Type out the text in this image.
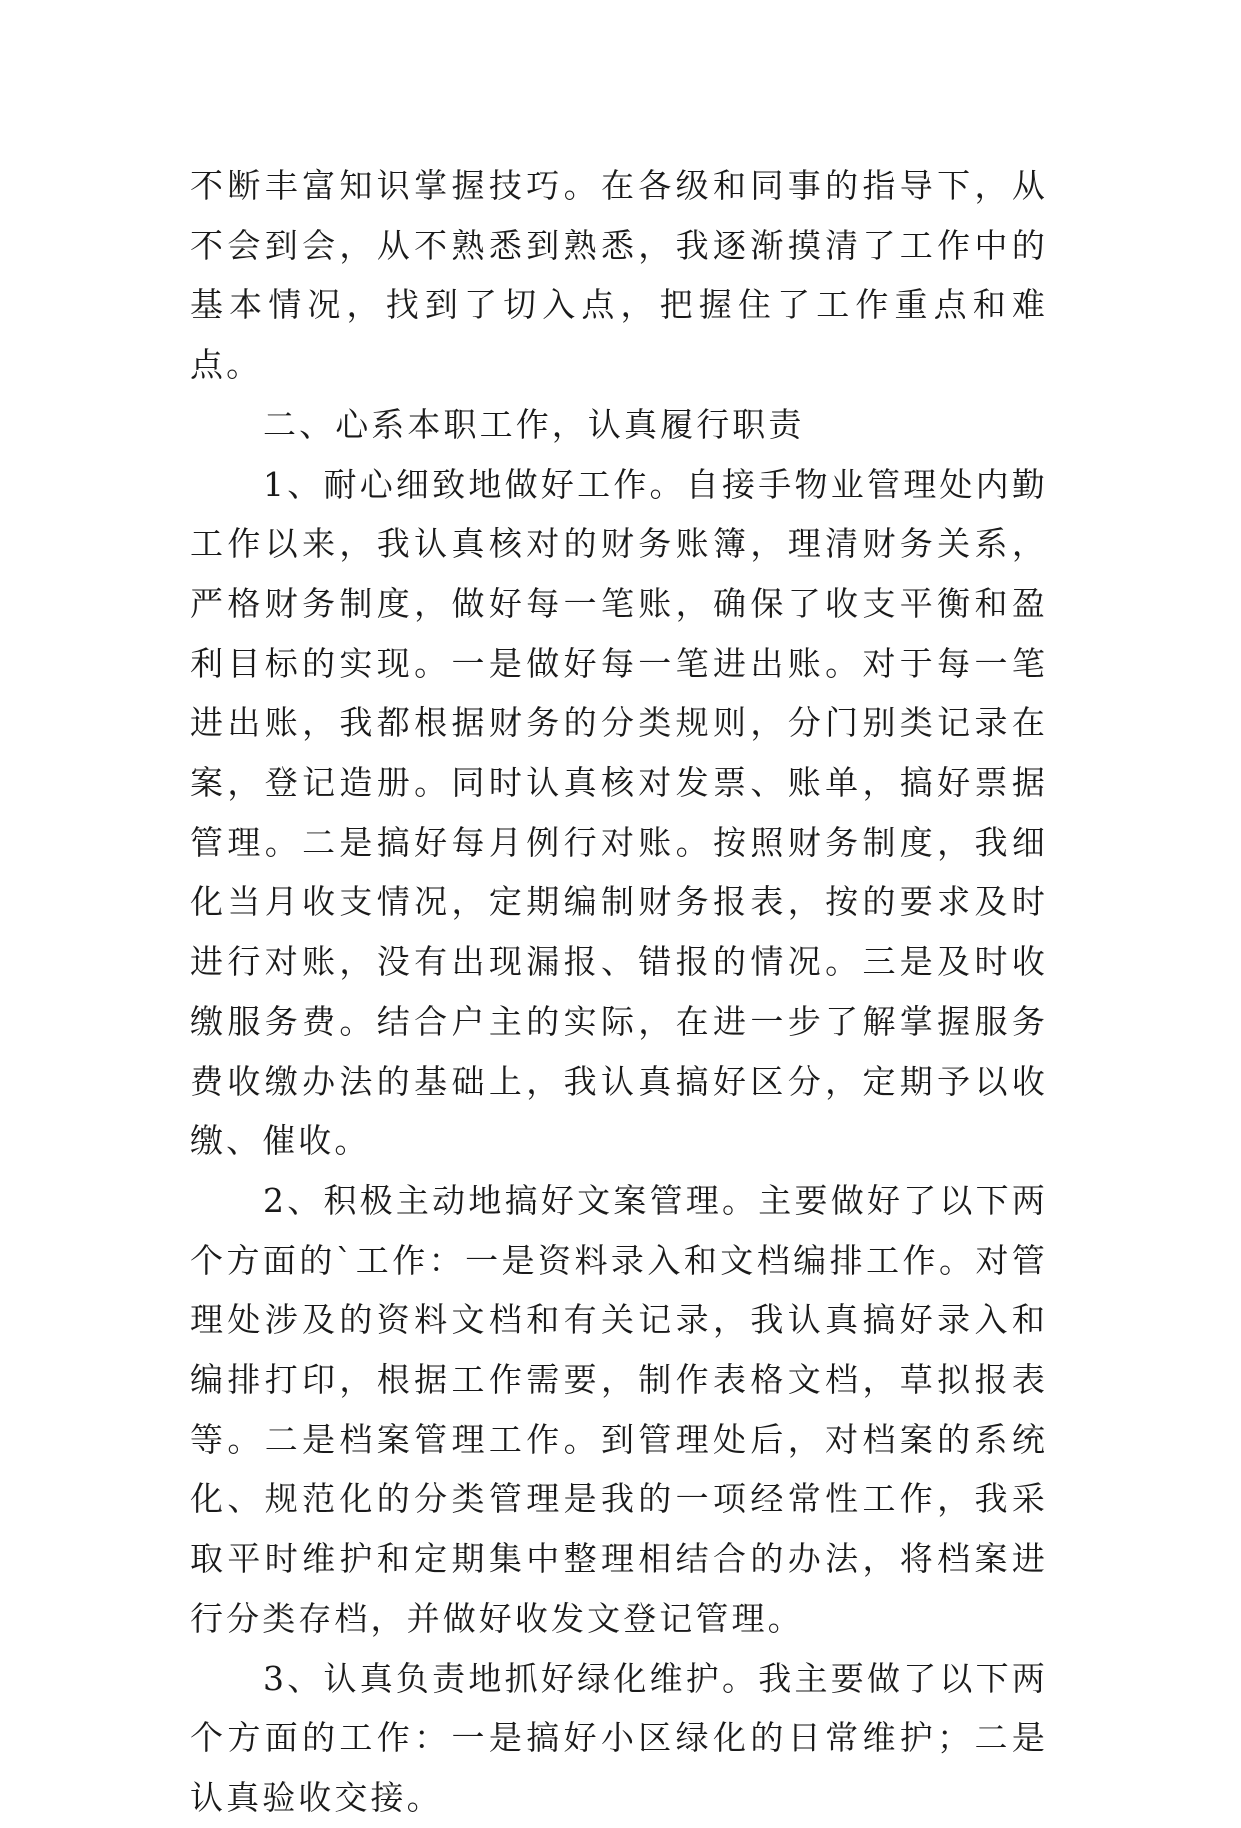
不断丰富知识掌握技巧。在各级和同事的指导下，从不会到会，从不熟悉到熟悉，我逐渐摸清了工作中的基本情况，找到了切入点，把握住了工作重点和难点。

二、心系本职工作，认真履行职责

1、耐心细致地做好工作。自接手物业管理处内勤工作以来，我认真核对的财务账簿，理清财务关系，严格财务制度，做好每一笔账，确保了收支平衡和盈利目标的实现。一是做好每一笔进出账。对于每一笔进出账，我都根据财务的分类规则，分门别类记录在案，登记造册。同时认真核对发票、账单，搞好票据管理。二是搞好每月例行对账。按照财务制度，我细化当月收支情况，定期编制财务报表，按的要求及时进行对账，没有出现漏报、错报的情况。三是及时收缴服务费。结合户主的实际，在进一步了解掌握服务费收缴办法的基础上，我认真搞好区分，定期予以收缴、催收。

2、积极主动地搞好文案管理。主要做好了以下两个方面的`工作：一是资料录入和文档编排工作。对管理处涉及的资料文档和有关记录，我认真搞好录入和编排打印，根据工作需要，制作表格文档，草拟报表等。二是档案管理工作。到管理处后，对档案的系统化、规范化的分类管理是我的一项经常性工作，我采取平时维护和定期集中整理相结合的办法，将档案进行分类存档，并做好收发文登记管理。

3、认真负责地抓好绿化维护。我主要做了以下两个方面的工作：一是搞好小区绿化的日常维护；二是认真验收交接。
